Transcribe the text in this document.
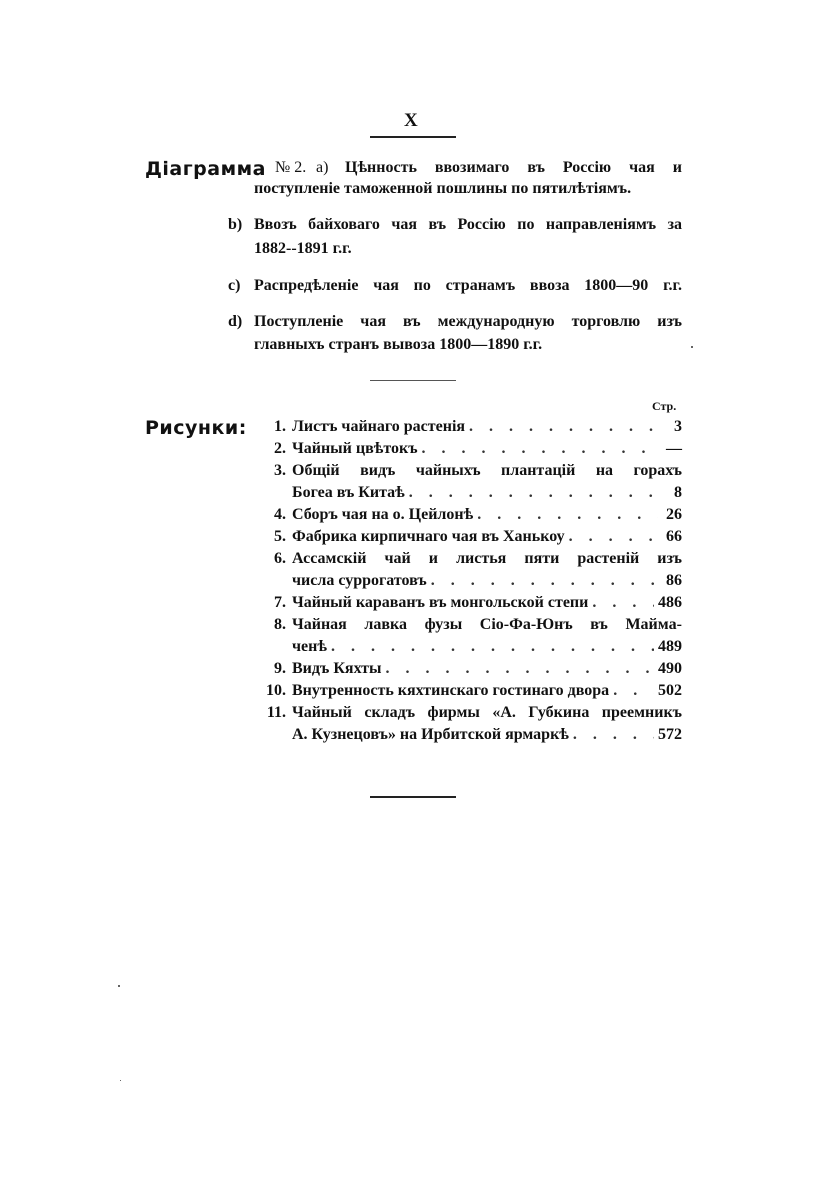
X
Діаграмма № 2. a) Цѣнность ввозимаго въ Россію чая и
поступленіе таможенной пошлины по пятилѣтіямъ.
b) Ввозъ байховаго чая въ Россію по направленіямъ за
1882--1891 г.г.
c) Распредѣленіе чая по странамъ ввоза 1800—90 г.г.
d) Поступленіе чая въ международную торговлю изъ
главныхъ странъ вывоза 1800—1890 г.г.
Стр.
Рисунки:	1. Листъ чайнаго растенія . . .	3
2. Чайный цвѣтокъ . . .	—
3. Общій видъ чайныхъ плантацій на горахъ
Богеа въ Китаѣ . . .	8
4. Сборъ чая на о. Цейлонѣ . . .	26
5. Фабрика кирпичнаго чая въ Ханькоу . . .	66
6. Ассамскій чай и листья пяти растеній изъ
числа суррогатовъ . . .	86
7. Чайный караванъ въ монгольской степи . . .	486
8. Чайная лавка фузы Сіо-Фа-Юнъ въ Маймa-
ченѣ . . .	489
9. Видъ Кяхты . . .	490
10. Внутренность кяхтинскаго гостинаго двора . . .	502
11. Чайный складъ фирмы «А. Губкина преемникъ
А. Кузнецовъ» на Ирбитской ярмаркѣ . . .	572
